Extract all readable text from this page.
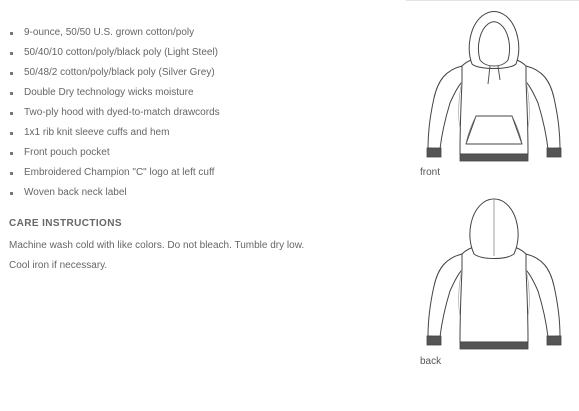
9-ounce, 50/50 U.S. grown cotton/poly
50/40/10 cotton/poly/black poly (Light Steel)
50/48/2 cotton/poly/black poly (Silver Grey)
Double Dry technology wicks moisture
Two-ply hood with dyed-to-match drawcords
1x1 rib knit sleeve cuffs and hem
Front pouch pocket
Embroidered Champion "C" logo at left cuff
Woven back neck label
CARE INSTRUCTIONS
Machine wash cold with like colors. Do not bleach. Tumble dry low. Cool iron if necessary.
front
back
